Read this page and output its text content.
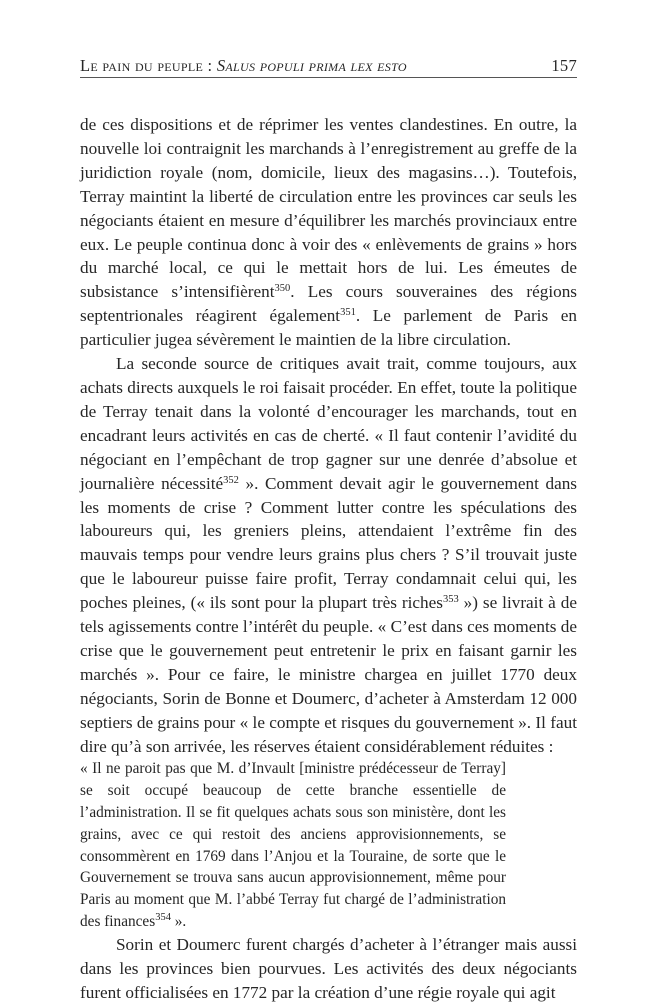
Le pain du peuple : Salus populi prima lex esto	157

de ces dispositions et de réprimer les ventes clandestines. En outre, la nouvelle loi contraignit les marchands à l’enregistrement au greffe de la juridiction royale (nom, domicile, lieux des magasins…). Toutefois, Terray maintint la liberté de circulation entre les provinces car seuls les négociants étaient en mesure d’équilibrer les marchés provinciaux entre eux. Le peuple continua donc à voir des « enlèvements de grains » hors du marché local, ce qui le mettait hors de lui. Les émeutes de subsistance s’intensifièrent$^{350}$. Les cours souveraines des régions septentrionales réagirent également$^{351}$. Le parlement de Paris en particulier jugea sévèrement le maintien de la libre circulation.

La seconde source de critiques avait trait, comme toujours, aux achats directs auxquels le roi faisait procéder. En effet, toute la politique de Terray tenait dans la volonté d’encourager les marchands, tout en encadrant leurs activités en cas de cherté. « Il faut contenir l’avidité du négociant en l’empêchant de trop gagner sur une denrée d’absolue et journalière nécessité$^{352}$ ». Comment devait agir le gouvernement dans les moments de crise ? Comment lutter contre les spéculations des laboureurs qui, les greniers pleins, attendaient l’extrême fin des mauvais temps pour vendre leurs grains plus chers ? S’il trouvait juste que le laboureur puisse faire profit, Terray condamnait celui qui, les poches pleines, (« ils sont pour la plupart très riches$^{353}$ ») se livrait à de tels agissements contre l’intérêt du peuple. « C’est dans ces moments de crise que le gouvernement peut entretenir le prix en faisant garnir les marchés ». Pour ce faire, le ministre chargea en juillet 1770 deux négociants, Sorin de Bonne et Doumerc, d’acheter à Amsterdam 12 000 septiers de grains pour « le compte et risques du gouvernement ». Il faut dire qu’à son arrivée, les réserves étaient considérablement réduites :

« Il ne paroit pas que M. d’Invault [ministre prédécesseur de Terray] se soit occupé beaucoup de cette branche essentielle de l’administration. Il se fit quelques achats sous son ministère, dont les grains, avec ce qui restoit des anciens approvisionnements, se consommèrent en 1769 dans l’Anjou et la Touraine, de sorte que le Gouvernement se trouva sans aucun approvisionnement, même pour Paris au moment que M. l’abbé Terray fut chargé de l’administration des finances$^{354}$ ».

Sorin et Doumerc furent chargés d’acheter à l’étranger mais aussi dans les provinces bien pourvues. Les activités des deux négociants furent officialisées en 1772 par la création d’une régie royale qui agit
